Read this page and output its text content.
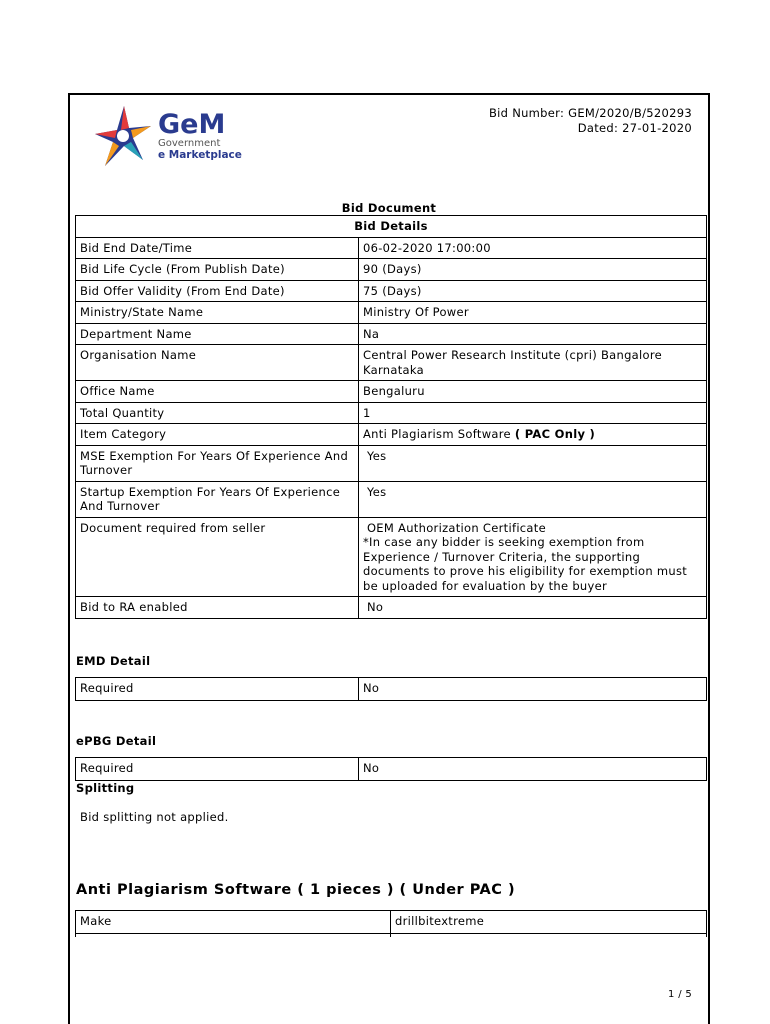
GeM
Government
e Marketplace
Bid Number: GEM/2020/B/520293
Dated: 27-01-2020
Bid Document
Bid Details	
Bid End Date/Time	06-02-2020 17:00:00
Bid Life Cycle (From Publish Date)	90 (Days)
Bid Offer Validity (From End Date)	75 (Days)
Ministry/State Name	Ministry Of Power
Department Name	Na
Organisation Name	Central Power Research Institute (cpri) Bangalore Karnataka
Office Name	Bengaluru
Total Quantity	1
Item Category	Anti Plagiarism Software ( PAC Only )
MSE Exemption For Years Of Experience And Turnover	Yes
Startup Exemption For Years Of Experience And Turnover	Yes
Document required from seller	OEM Authorization Certificate
*In case any bidder is seeking exemption from Experience / Turnover Criteria, the supporting documents to prove his eligibility for exemption must be uploaded for evaluation by the buyer

Bid to RA enabled	No
EMD Detail
Required	No
ePBG Detail
Required	No
Splitting
Bid splitting not applied.
Anti Plagiarism Software ( 1 pieces ) ( Under PAC )
Make	drillbitextreme

1 / 5
